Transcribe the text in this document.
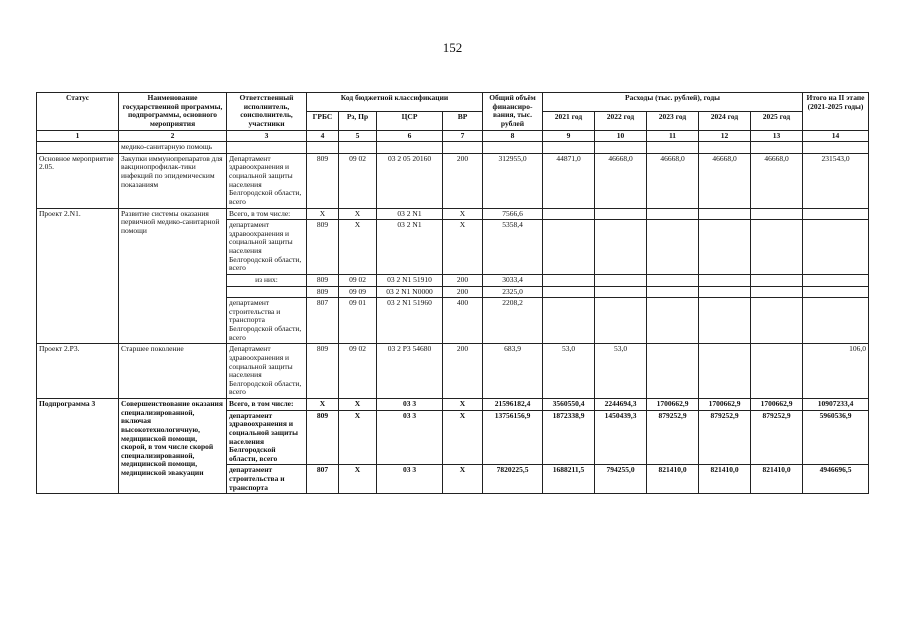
152
Статус	Наименование государственной программы, подпрограммы, основного мероприятия	Ответственный исполнитель, соисполнитель, участники	Код бюджетной классификации				Общий объём финансиро-вания, тыс. рублей	Расходы (тыс. рублей), годы					Итого на II этапе (2021-2025 годы)
			ГРБС	Рз, Пр	ЦСР	ВР		2021 год	2022 год	2023 год	2024 год	2025 год	
1	2	3	4	5	6	7	8	9	10	11	12	13	14
	медико-санитарную помощь												
Основное мероприятие 2.05.	Закупки иммунопрепаратов для вакцинопрофилак-тики инфекций по эпидемическим показаниям	Департамент здравоохранения и социальной защиты населения Белгородской области, всего	809	09 02	03 2 05 20160	200	312955,0	44871,0	46668,0	46668,0	46668,0	46668,0	231543,0
Проект 2.N1.	Развитие системы оказания первичной медико-санитарной помощи	Всего, в том числе:	Х	Х	03 2 N1	Х	7566,6						
		департамент здравоохранения и социальной защиты населения Белгородской области, всего	809	Х	03 2 N1	Х	5358,4						
		из них:	809	09 02	03 2 N1 51910	200	3033,4						
			809	09 09	03 2 N1 N0000	200	2325,0						
		департамент строительства и транспорта Белгородской области, всего	807	09 01	03 2 N1 51960	400	2208,2						
Проект 2.Р3.	Старшее поколение	Департамент здравоохранения и социальной защиты населения Белгородской области, всего	809	09 02	03 2 Р3 54680	200	683,9	53,0	53,0				106,0
Подпрограмма 3	Совершенствование оказания специализированной, включая высокотехнологичную, медицинской помощи, скорой, в том числе скорой специализированной, медицинской помощи, медицинской эвакуации	Всего, в том числе:	Х	Х	03 3	Х	21596182,4	3560550,4	2244694,3	1700662,9	1700662,9	1700662,9	10907233,4
		департамент здравоохранения и социальной защиты населения Белгородской области, всего	809	Х	03 3	Х	13756156,9	1872338,9	1450439,3	879252,9	879252,9	879252,9	5960536,9
		департамент строительства и транспорта	807	Х	03 3	Х	7820225,5	1688211,5	794255,0	821410,0	821410,0	821410,0	4946696,5
